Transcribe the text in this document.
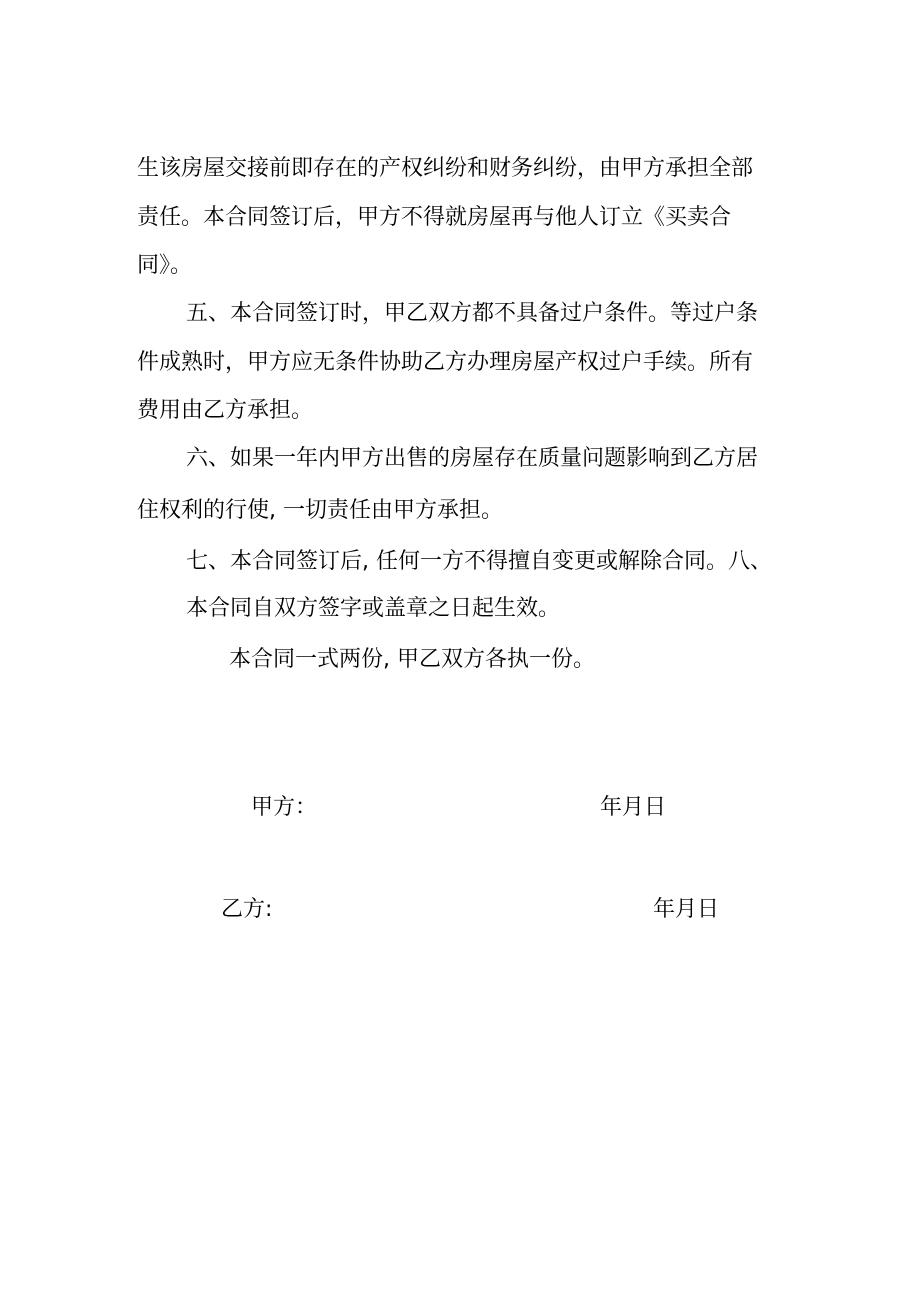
生该房屋交接前即存在的产权纠纷和财务纠纷，由甲方承担全部

责任。本合同签订后，甲方不得就房屋再与他人订立《买卖合

同》。

五、本合同签订时，甲乙双方都不具备过户条件。等过户条

件成熟时，甲方应无条件协助乙方办理房屋产权过户手续。所有

费用由乙方承担。

六、如果一年内甲方出售的房屋存在质量问题影响到乙方居

住权利的行使, 一切责任由甲方承担。

七、本合同签订后, 任何一方不得擅自变更或解除合同。八、

本合同自双方签字或盖章之日起生效。

本合同一式两份, 甲乙双方各执一份。

甲方：	年月日
乙方:	年月日
